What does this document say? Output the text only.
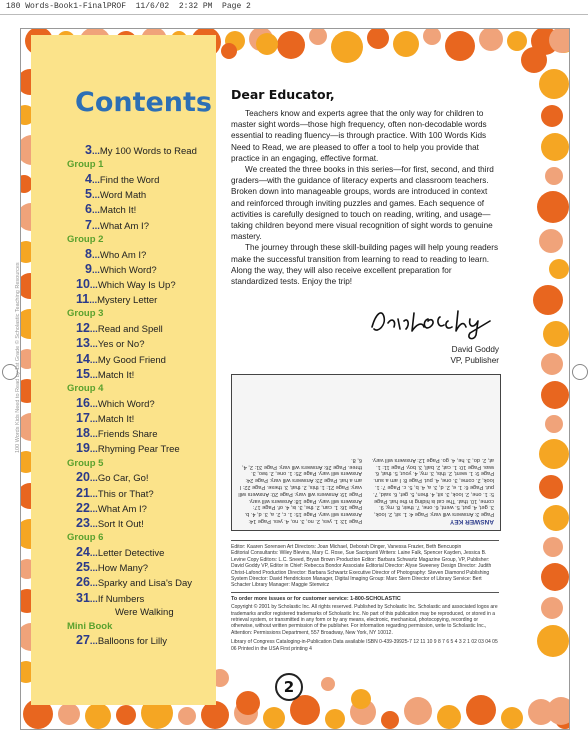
180 Words-Book1-FinalPROF  11/6/02  2:32 PM  Page 2
Contents
3...My 100 Words to Read
Group 1
4...Find the Word
5...Word Math
6...Match It!
7...What Am I?
Group 2
8...Who Am I?
9...Which Word?
10...Which Way Is Up?
11...Mystery Letter
Group 3
12...Read and Spell
13...Yes or No?
14...My Good Friend
15...Match It!
Group 4
16...Which Word?
17...Match It!
18...Friends Share
19...Rhyming Pear Tree
Group 5
20...Go Car, Go!
21...This or That?
22...What Am I?
23...Sort It Out!
Group 6
24...Letter Detective
25...How Many?
26...Sparky and Lisa's Day
31...If Numbers
Were Walking
Mini Book
27...Balloons for Lilly
Dear Educator,

Teachers know and experts agree that the only way for children to master sight words—those high frequency, often non-decodable words essential to reading fluency—is through practice. With 100 Words Kids Need to Read, we are pleased to offer a tool to help you provide that practice in an engaging, effective format.

We created the three books in this series—for first, second, and third graders—with the guidance of literacy experts and classroom teachers. Broken down into manageable groups, words are introduced in context and reinforced through inviting puzzles and games. Each sequence of activities is carefully designed to touch on reading, writing, and usage—taking children beyond mere visual recognition of sight words to genuine mastery.

The journey through these skill-building pages will help young readers make the successful transition from learning to read to reading to learn. Along the way, they will also receive excellent preparation for standardized tests. Enjoy the trip!

David Goddy
VP, Publisher
ANSWER KEY
Page 3: Answers will vary. Page 4: 1. sit, 2. look, 3. get, 4. put, 5. went, 6. one, 7. their, 8. my, 9. come, 10. that. The cat is hiding in the hat. Page 5: 1. one, 2. look, 3. sit, 4. then, 5. get, 6. said, 7. put. Page 6: 1. e, 2. d, 3. a, 4. b, 5. c. Page 7: 1. look, 2. come, 3. one, 4. put. Page 8: I am a sun. Page 9: 1. went, 2. this, 3. my, 4. your, 5. that, 6. was. Page 10: 1. cat, 2. ball, 3. boy. Page 11: 1. at, 2. do, 3. he, 4. go. Page 12: Answers will vary. Page 13: 1. yes, 2. no, 3. no, 4. yes. Page 14: Answers will vary. Page 15: 1. c, 2. a, 3. d, 4. b. Page 16: 1. can, 2. the, 3. is, 4. of. Page 17: Answers will vary. Page 18: Answers will vary. Page 19: Answers will vary. Page 20: Answers will vary. Page 21: 1. this, 2. that, 3. these. Page 22: I am a hat. Page 23: Answers will vary. Page 24: Answers will vary. Page 25: 1. one, 2. two, 3. three. Page 26: Answers will vary. Page 31: 2, 4, 6, 8.
Editor: Kaaren Sorensen Art Directors: Joan Michael, Deborah Dinger, Vanessa Frazier, Beth Bencuopin
Editorial Consultants: Wiley Blevins, Mary C. Rose, Sue Sacripanti Writers: Laine Falk, Spencer Kayden, Jessica B. Levine Copy Editors: L.C. Sneed, Bryan Brown Production Editor: Barbara Schwartz Magazine Group, VP, Publisher: David Goddy VP, Editor in Chief: Rebecca Bondor Associate Editorial Director: Alyse Sweeney Design Director: Judith Christ-Lafond Production Director: Barbara Schwartz Executive Director of Photography: Steven Diamond Publishing System Director: David Hendrickson Manager, Digital Imaging Group: Marc Stern Director of Library Service: Bert Schacter Library Manager: Maggie Stenwicz
To order more issues or for customer service: 1-800-SCHOLASTIC
Copyright © 2001 by Scholastic Inc. All rights reserved. Published by Scholastic Inc. Scholastic and associated logos are trademarks and/or registered trademarks of Scholastic Inc. No part of this publication may be reproduced, or stored in a retrieval system, or transmitted in any form or by any means, electronic, mechanical, photocopying, recording or otherwise, without written permission of the publisher. For information regarding permission, write to Scholastic Inc., Attention: Permissions Department, 557 Broadway, New York, NY 10012.
Library of Congress Cataloging-in-Publication Data available ISBN 0-439-39925-7 12 11 10 9 8 7 6 5 4 3 2 1 02 03 04 05 06 Printed in the USA First printing 4
2
100 Words Kids Need to Read by 1st Grade © Scholastic Teaching Resources
